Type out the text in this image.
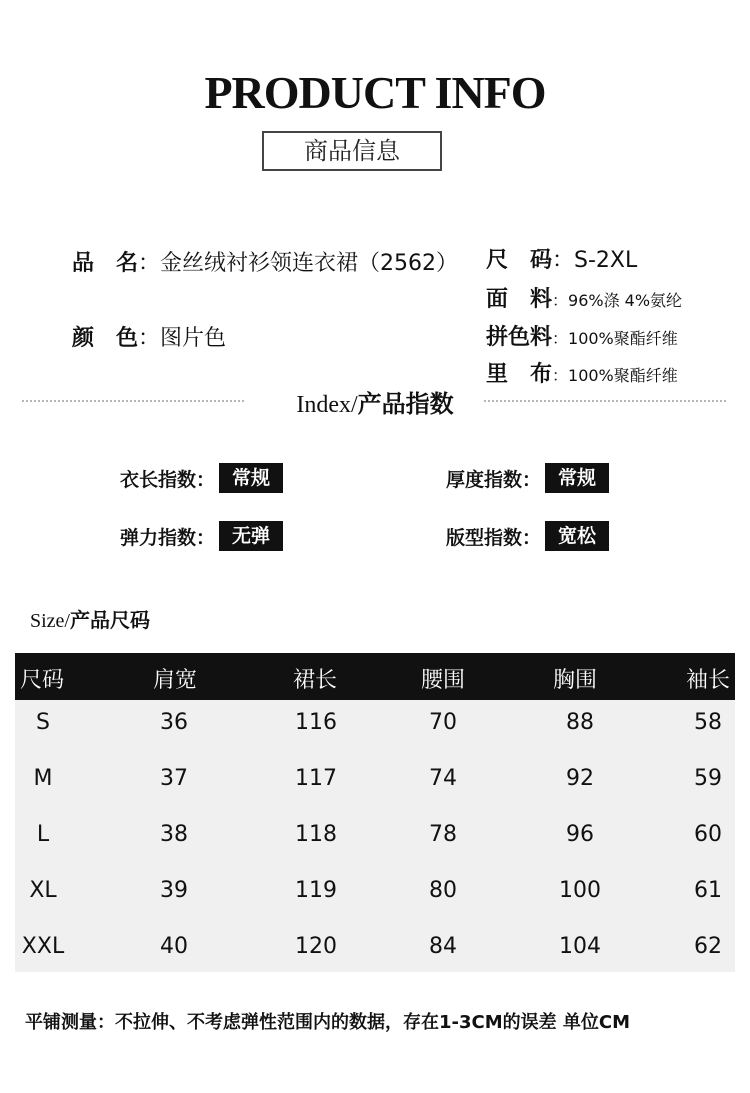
PRODUCT INFO
商品信息
品　名：金丝绒衬衫领连衣裙（2562）
颜　色：图片色
尺　码：S-2XL
面　料：96%涤 4%氨纶
拼色料：100%聚酯纤维
里　布：100%聚酯纤维
Index/产品指数
衣长指数： 常规	厚度指数： 常规
弹力指数： 无弹	版型指数： 宽松
Size/产品尺码
尺码	肩宽	裙长	腰围	胸围	袖长
S	36	116	70	88	58
M	37	117	74	92	59
L	38	118	78	96	60
XL	39	119	80	100	61
XXL	40	120	84	104	62
平铺测量：不拉伸、不考虑弹性范围内的数据，存在1-3CM的误差 单位CM
